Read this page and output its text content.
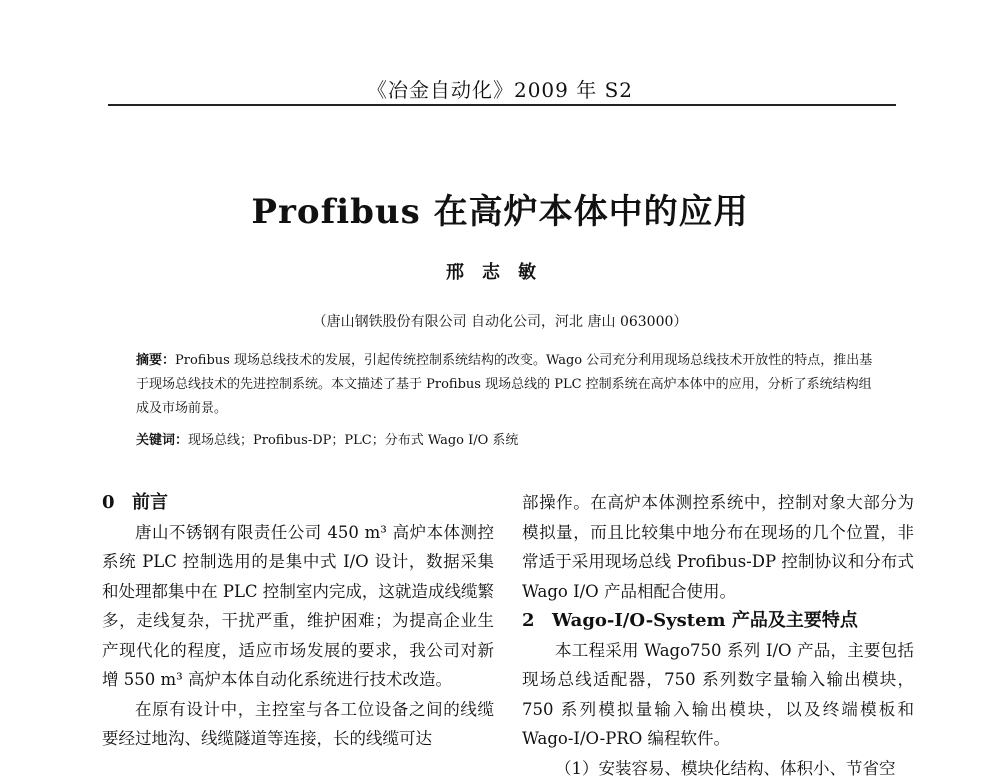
《冶金自动化》2009 年 S2
Profibus 在高炉本体中的应用
邢志敏
（唐山钢铁股份有限公司 自动化公司，河北 唐山 063000）
摘要：Profibus 现场总线技术的发展，引起传统控制系统结构的改变。Wago 公司充分利用现场总线技术开放性的特点，推出基于现场总线技术的先进控制系统。本文描述了基于 Profibus 现场总线的 PLC 控制系统在高炉本体中的应用，分析了系统结构组成及市场前景。
关键词：现场总线；Profibus-DP；PLC；分布式 Wago I/O 系统
0 前言

唐山不锈钢有限责任公司 450 m³ 高炉本体测控系统 PLC 控制选用的是集中式 I/O 设计，数据采集和处理都集中在 PLC 控制室内完成，这就造成线缆繁多，走线复杂，干扰严重，维护困难；为提高企业生产现代化的程度，适应市场发展的要求，我公司对新增 550 m³ 高炉本体自动化系统进行技术改造。

在原有设计中，主控室与各工位设备之间的线缆要经过地沟、线缆隧道等连接，长的线缆可达

部操作。在高炉本体测控系统中，控制对象大部分为模拟量，而且比较集中地分布在现场的几个位置，非常适于采用现场总线 Profibus-DP 控制协议和分布式 Wago I/O 产品相配合使用。

2 Wago-I/O-System 产品及主要特点

本工程采用 Wago750 系列 I/O 产品，主要包括现场总线适配器，750 系列数字量输入输出模块，750 系列模拟量输入输出模块，以及终端模板和 Wago-I/O-PRO 编程软件。

（1）安装容易、模块化结构、体积小、节省空
